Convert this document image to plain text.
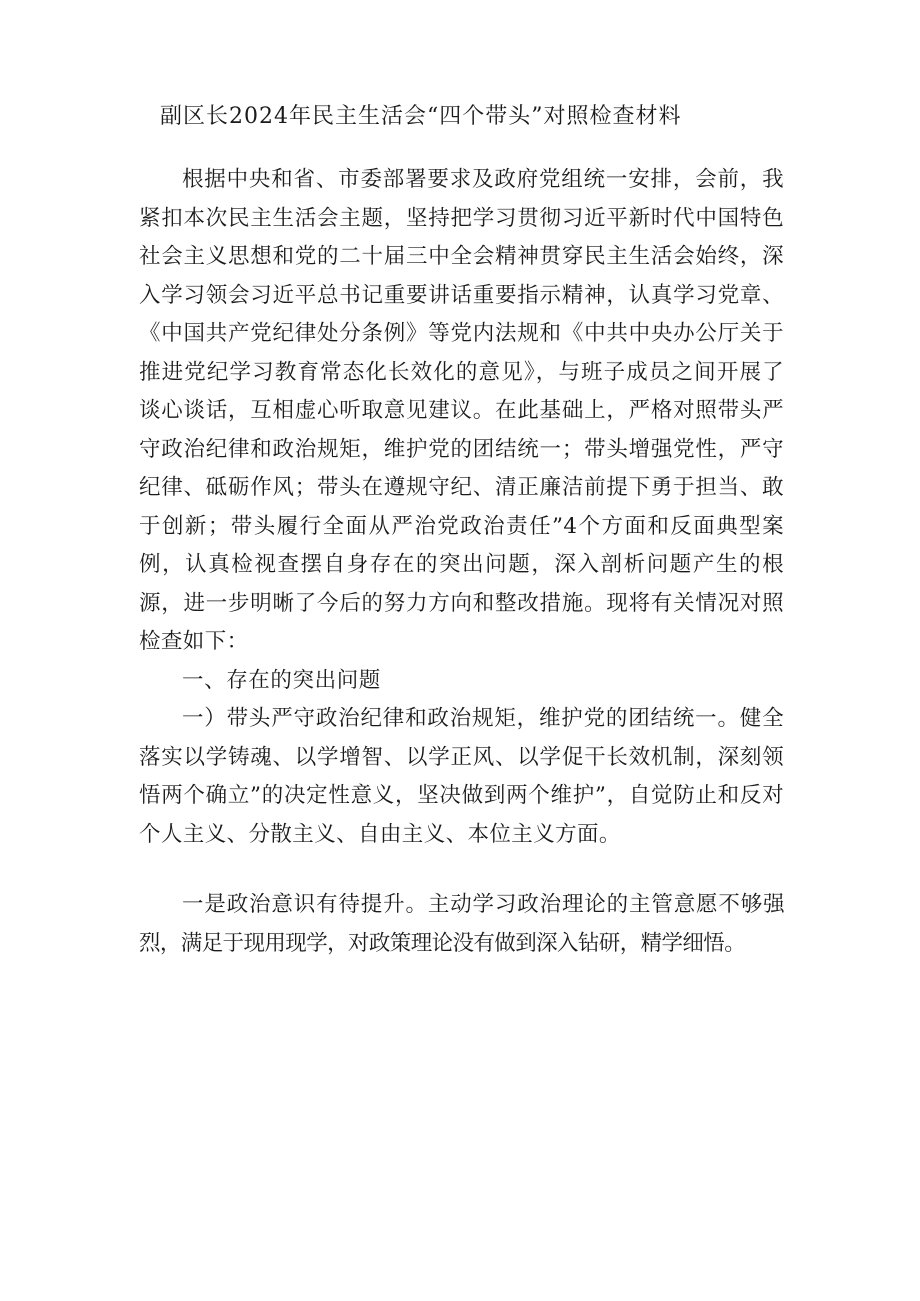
副区长2024年民主生活会“四个带头”对照检查材料

根据中央和省、市委部署要求及政府党组统一安排，会前，我紧扣本次民主生活会主题，坚持把学习贯彻习近平新时代中国特色社会主义思想和党的二十届三中全会精神贯穿民主生活会始终，深入学习领会习近平总书记重要讲话重要指示精神，认真学习党章、《中国共产党纪律处分条例》等党内法规和《中共中央办公厅关于推进党纪学习教育常态化长效化的意见》，与班子成员之间开展了谈心谈话，互相虚心听取意见建议。在此基础上，严格对照带头严守政治纪律和政治规矩，维护党的团结统一；带头增强党性，严守纪律、砥砺作风；带头在遵规守纪、清正廉洁前提下勇于担当、敢于创新；带头履行全面从严治党政治责任”4个方面和反面典型案例，认真检视查摆自身存在的突出问题，深入剖析问题产生的根源，进一步明晰了今后的努力方向和整改措施。现将有关情况对照检查如下：

一、存在的突出问题

一）带头严守政治纪律和政治规矩，维护党的团结统一。健全落实以学铸魂、以学增智、以学正风、以学促干长效机制，深刻领悟两个确立”的决定性意义，坚决做到两个维护”，自觉防止和反对个人主义、分散主义、自由主义、本位主义方面。

一是政治意识有待提升。主动学习政治理论的主管意愿不够强烈，满足于现用现学，对政策理论没有做到深入钻研，精学细悟。
